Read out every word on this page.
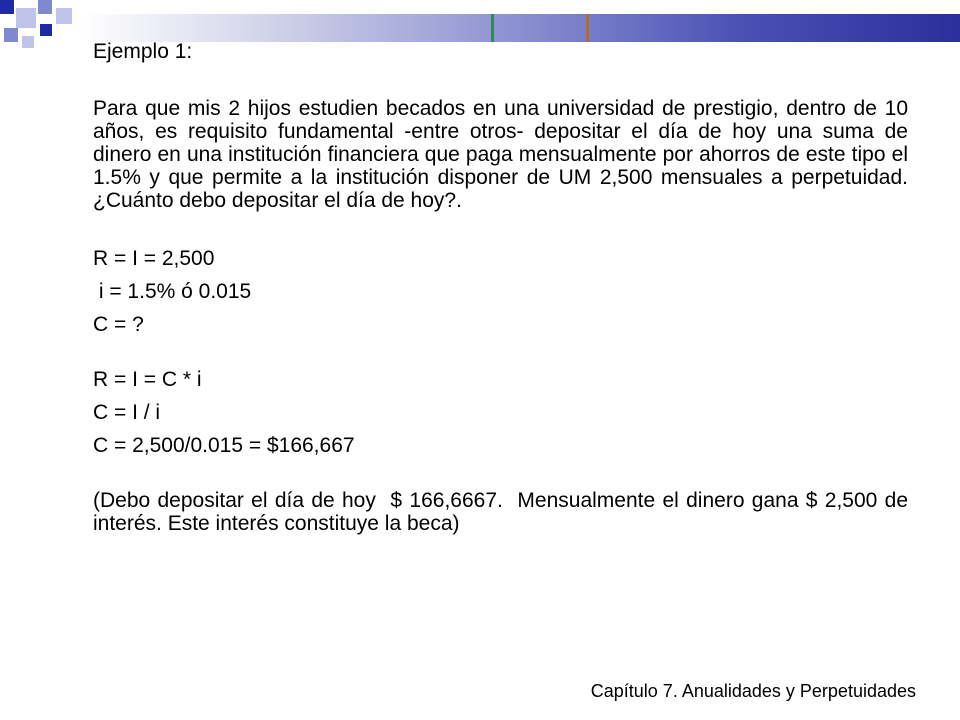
Ejemplo 1:

Para que mis 2 hijos estudien becados en una universidad de prestigio, dentro de 10 años, es requisito fundamental -entre otros- depositar el día de hoy una suma de dinero en una institución financiera que paga mensualmente por ahorros de este tipo el 1.5% y que permite a la institución disponer de UM 2,500 mensuales a perpetuidad. ¿Cuánto debo depositar el día de hoy?.

R = I = 2,500

i = 1.5% ó 0.015

C = ?

R = I = C * i

C = I / i

C = 2,500/0.015 = $166,667

(Debo depositar el día de hoy  $ 166,6667.  Mensualmente el dinero gana $ 2,500 de interés. Este interés constituye la beca)

Capítulo 7. Anualidades y Perpetuidades
